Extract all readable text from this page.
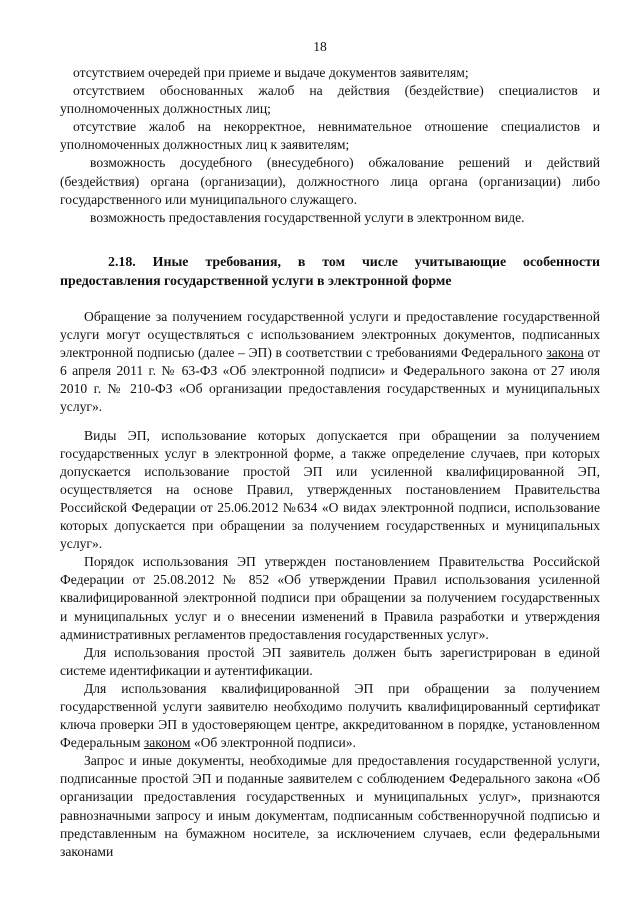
18

отсутствием очередей при приеме и выдаче документов заявителям;

отсутствием обоснованных жалоб на действия (бездействие) специалистов и уполномоченных должностных лиц;

отсутствие жалоб на некорректное, невнимательное отношение специалистов и уполномоченных должностных лиц к заявителям;

возможность досудебного (внесудебного) обжалование решений и действий (бездействия) органа (организации), должностного лица органа (организации) либо государственного или муниципального служащего.

возможность предоставления государственной услуги в электронном виде.

2.18. Иные требования, в том числе учитывающие особенности предоставления государственной услуги в электронной форме

Обращение за получением государственной услуги и предоставление государственной услуги могут осуществляться с использованием электронных документов, подписанных электронной подписью (далее – ЭП) в соответствии с требованиями Федерального закона от 6 апреля 2011 г. № 63-ФЗ «Об электронной подписи» и Федерального закона от 27 июля 2010 г. № 210-ФЗ «Об организации предоставления государственных и муниципальных услуг».

Виды ЭП, использование которых допускается при обращении за получением государственных услуг в электронной форме, а также определение случаев, при которых допускается использование простой ЭП или усиленной квалифицированной ЭП, осуществляется на основе Правил, утвержденных постановлением Правительства Российской Федерации от 25.06.2012 №634 «О видах электронной подписи, использование которых допускается при обращении за получением государственных и муниципальных услуг».

Порядок использования ЭП утвержден постановлением Правительства Российской Федерации от 25.08.2012 № 852 «Об утверждении Правил использования усиленной квалифицированной электронной подписи при обращении за получением государственных и муниципальных услуг и о внесении изменений в Правила разработки и утверждения административных регламентов предоставления государственных услуг».

Для использования простой ЭП заявитель должен быть зарегистрирован в единой системе идентификации и аутентификации.

Для использования квалифицированной ЭП при обращении за получением государственной услуги заявителю необходимо получить квалифицированный сертификат ключа проверки ЭП в удостоверяющем центре, аккредитованном в порядке, установленном Федеральным законом «Об электронной подписи».

Запрос и иные документы, необходимые для предоставления государственной услуги, подписанные простой ЭП и поданные заявителем с соблюдением Федерального закона «Об организации предоставления государственных и муниципальных услуг», признаются равнозначными запросу и иным документам, подписанным собственноручной подписью и представленным на бумажном носителе, за исключением случаев, если федеральными законами
